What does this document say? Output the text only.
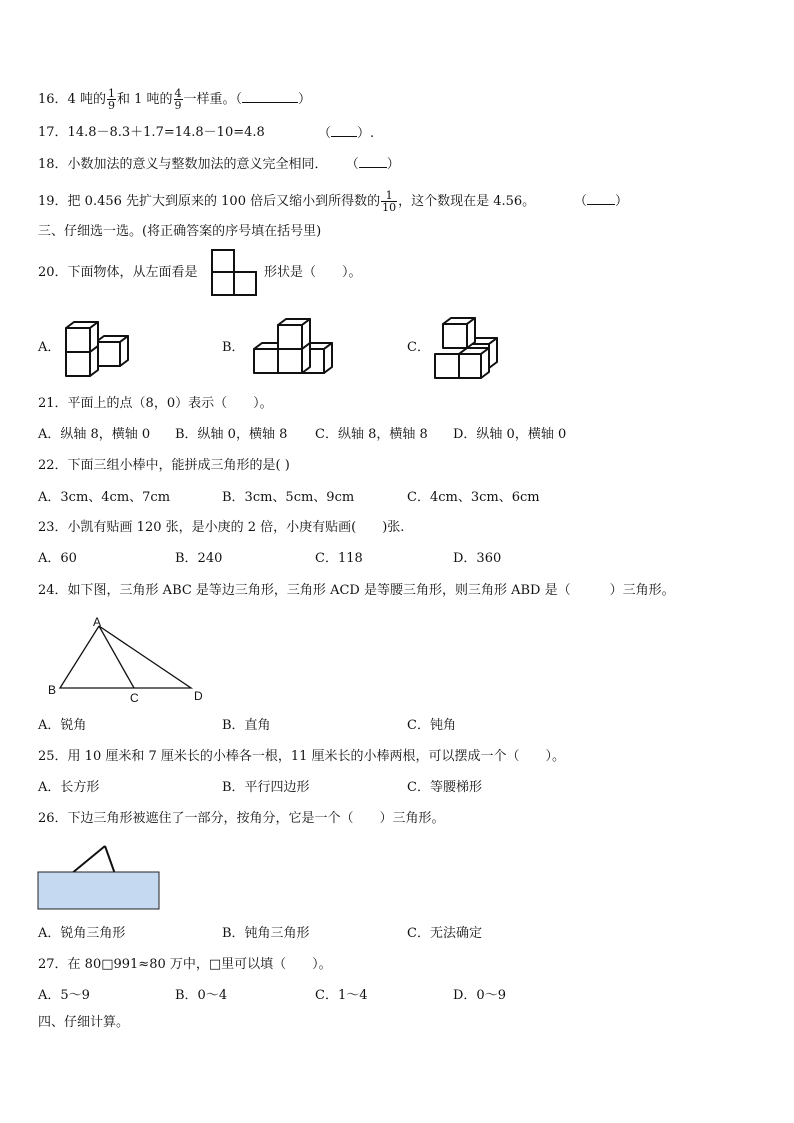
16．4 吨的 $\frac{1}{9}$ 和 1 吨的 $\frac{4}{9}$ 一样重。（	）
17．14.8－8.3＋1.7=14.8－10=4.8	（ ）.
18．小数加法的意义与整数加法的意义完全相同． （ ）
19．把 0.456 先扩大到原来的 100 倍后又缩小到所得数的 $\frac{1}{10}$ ，这个数现在是 4.56。	（ ）
三、仔细选一选。(将正确答案的序号填在括号里)
20．下面物体，从左面看是	形状是（　　）。
A．	B．	C．
21．平面上的点（8，0）表示（　　）。
A．纵轴 8，横轴 0 B．纵轴 0，横轴 8 C．纵轴 8，横轴 8 D．纵轴 0，横轴 0
22．下面三组小棒中，能拼成三角形的是( )
A．3cm、4cm、7cm	B．3cm、5cm、9cm	C．4cm、3cm、6cm
23．小凯有贴画 120 张，是小庚的 2 倍，小庚有贴画(　　)张.
A．60	B．240	C．118	D．360
24．如下图，三角形 ABC 是等边三角形，三角形 ACD 是等腰三角形，则三角形 ABD 是（　　　）三角形。
A
B
C	D
A．锐角	B．直角	C．钝角
25．用 10 厘米和 7 厘米长的小棒各一根，11 厘米长的小棒两根，可以摆成一个（　　）。
A．长方形	B．平行四边形	C．等腰梯形
26．下边三角形被遮住了一部分，按角分，它是一个（　　）三角形。
A．锐角三角形	B．钝角三角形	C．无法确定
27．在 80□991≈80 万中，□里可以填（　　）。
A．5～9	B．0～4	C．1～4	D．0～9
四、仔细计算。
